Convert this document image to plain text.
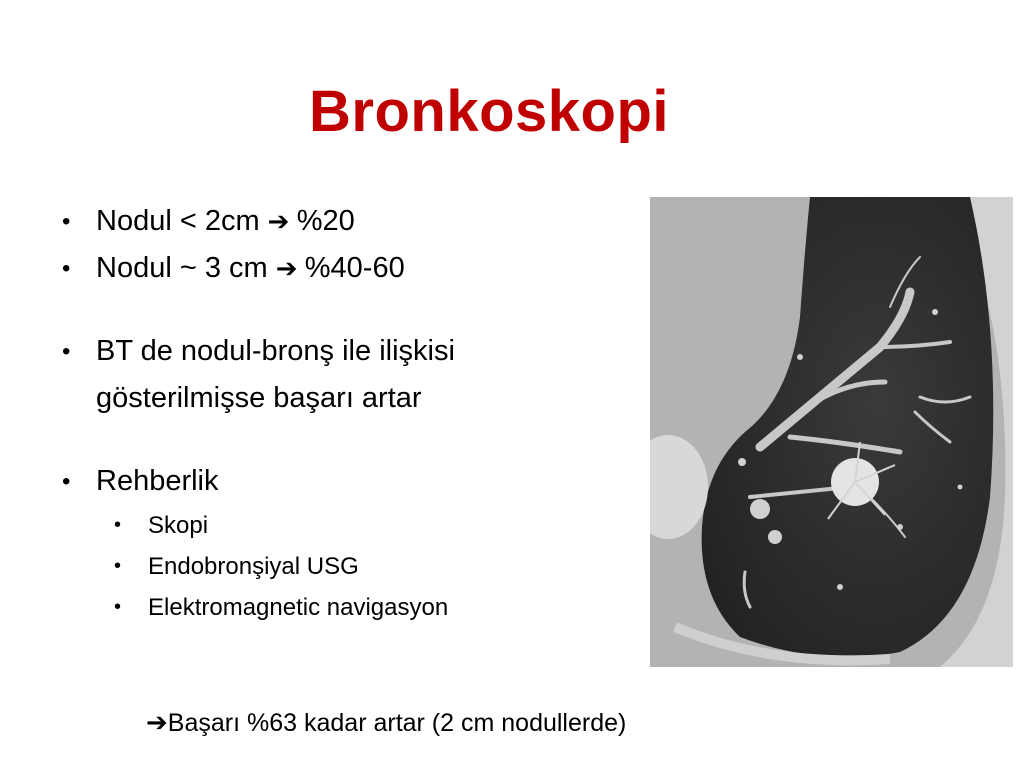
Bronkoskopi
• Nodul < 2cm ➔ %20
• Nodul ~ 3 cm ➔ %40-60
• BT de nodul-bronş ile ilişkisi
gösterilmişse başarı artar
• Rehberlik
• Skopi
• Endobronşiyal USG
• Elektromagnetic navigasyon
➔Başarı %63 kadar artar (2 cm nodullerde)
